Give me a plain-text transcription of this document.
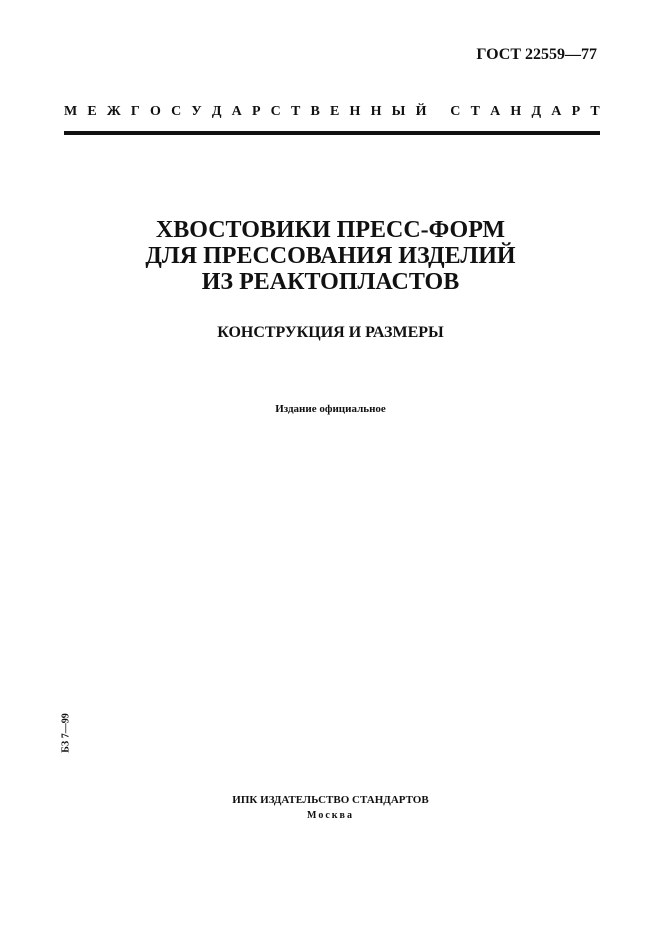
ГОСТ 22559—77
М Е Ж Г О С У Д А Р С Т В Е Н Н Ы Й
С Т А Н Д А Р Т
ХВОСТОВИКИ ПРЕСС-ФОРМ
ДЛЯ ПРЕССОВАНИЯ ИЗДЕЛИЙ
ИЗ РЕАКТОПЛАСТОВ
КОНСТРУКЦИЯ И РАЗМЕРЫ
Издание официальное
БЗ 7—99
ИПК ИЗДАТЕЛЬСТВО СТАНДАРТОВ
Москва
